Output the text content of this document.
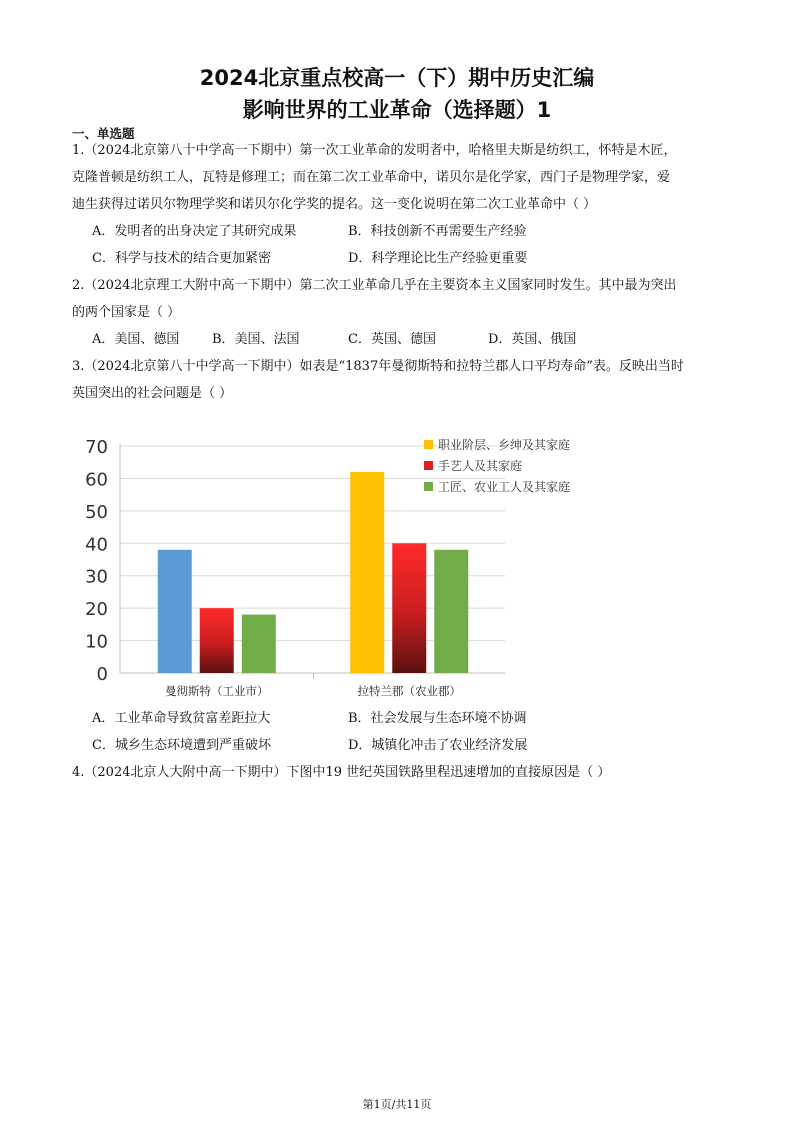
2024北京重点校高一（下）期中历史汇编
影响世界的工业革命（选择题）1
一、单选题
1.（2024北京第八十中学高一下期中）第一次工业革命的发明者中，哈格里夫斯是纺织工，怀特是木匠，
克隆普顿是纺织工人，瓦特是修理工；而在第二次工业革命中，诺贝尔是化学家，西门子是物理学家，爱
迪生获得过诺贝尔物理学奖和诺贝尔化学奖的提名。这一变化说明在第二次工业革命中（ ）
A．发明者的出身决定了其研究成果	B．科技创新不再需要生产经验
C．科学与技术的结合更加紧密	D．科学理论比生产经验更重要
2.（2024北京理工大附中高一下期中）第二次工业革命几乎在主要资本主义国家同时发生。其中最为突出
的两个国家是（ ）
A．美国、德国	B．美国、法国	C．英国、德国	D．英国、俄国
3.（2024北京第八十中学高一下期中）如表是“1837年曼彻斯特和拉特兰郡人口平均寿命”表。反映出当时
英国突出的社会问题是（ ）
0
10
20
30
40
50
60
70
曼彻斯特（工业市）	拉特兰郡（农业郡）
职业阶层、乡绅及其家庭
手艺人及其家庭
工匠、农业工人及其家庭
A．工业革命导致贫富差距拉大	B．社会发展与生态环境不协调
C．城乡生态环境遭到严重破坏	D．城镇化冲击了农业经济发展
4.（2024北京人大附中高一下期中）下图中19 世纪英国铁路里程迅速增加的直接原因是（ ）
第1页/共11页
